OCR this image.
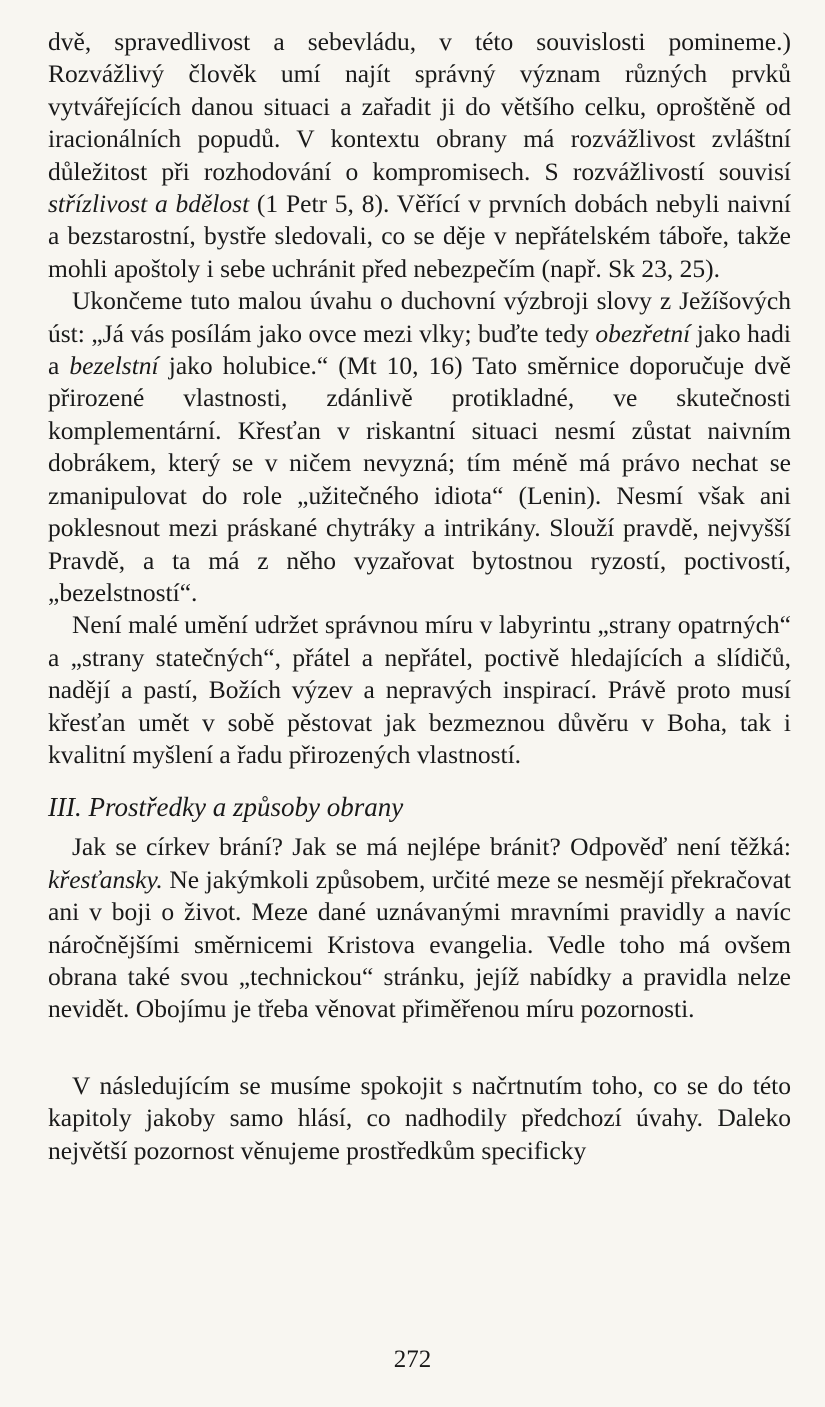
dvě, spravedlivost a sebevládu, v této souvislosti pomineme.) Rozvážlivý člověk umí najít správný význam různých prvků vytvářejících danou situaci a zařadit ji do většího celku, oproštěně od iracionálních popudů. V kontextu obrany má rozvážlivost zvláštní důležitost při rozhodování o kompromisech. S rozvážlivostí souvisí střízlivost a bdělost (1 Petr 5, 8). Věřící v prvních dobách nebyli naivní a bezstarostní, bystře sledovali, co se děje v nepřátelském táboře, takže mohli apoštoly i sebe uchránit před nebezpečím (např. Sk 23, 25).

Ukončeme tuto malou úvahu o duchovní výzbroji slovy z Ježíšových úst: „Já vás posílám jako ovce mezi vlky; buďte tedy obezřetní jako hadi a bezelstní jako holubice.“ (Mt 10, 16) Tato směrnice doporučuje dvě přirozené vlastnosti, zdánlivě protikladné, ve skutečnosti komplementární. Křesťan v riskantní situaci nesmí zůstat naivním dobrákem, který se v ničem nevyzná; tím méně má právo nechat se zmanipulovat do role „užitečného idiota“ (Lenin). Nesmí však ani poklesnout mezi práskané chytráky a intrikány. Slouží pravdě, nejvyšší Pravdě, a ta má z něho vyzařovat bytostnou ryzostí, poctivostí, „bezelstností“.

Není malé umění udržet správnou míru v labyrintu „strany opatrných“ a „strany statečných“, přátel a nepřátel, poctivě hledajících a slídičů, nadějí a pastí, Božích výzev a nepravých inspirací. Právě proto musí křesťan umět v sobě pěstovat jak bezmeznou důvěru v Boha, tak i kvalitní myšlení a řadu přirozených vlastností.

III. Prostředky a způsoby obrany

Jak se církev brání? Jak se má nejlépe bránit? Odpověď není těžká: křesťansky. Ne jakýmkoli způsobem, určité meze se nesmějí překračovat ani v boji o život. Meze dané uznávanými mravními pravidly a navíc náročnějšími směrnicemi Kristova evangelia. Vedle toho má ovšem obrana také svou „technickou“ stránku, jejíž nabídky a pravidla nelze nevidět. Obojímu je třeba věnovat přiměřenou míru pozornosti.

V následujícím se musíme spokojit s načrtnutím toho, co se do této kapitoly jakoby samo hlásí, co nadhodily předchozí úvahy. Daleko největší pozornost věnujeme prostředkům specificky

272
